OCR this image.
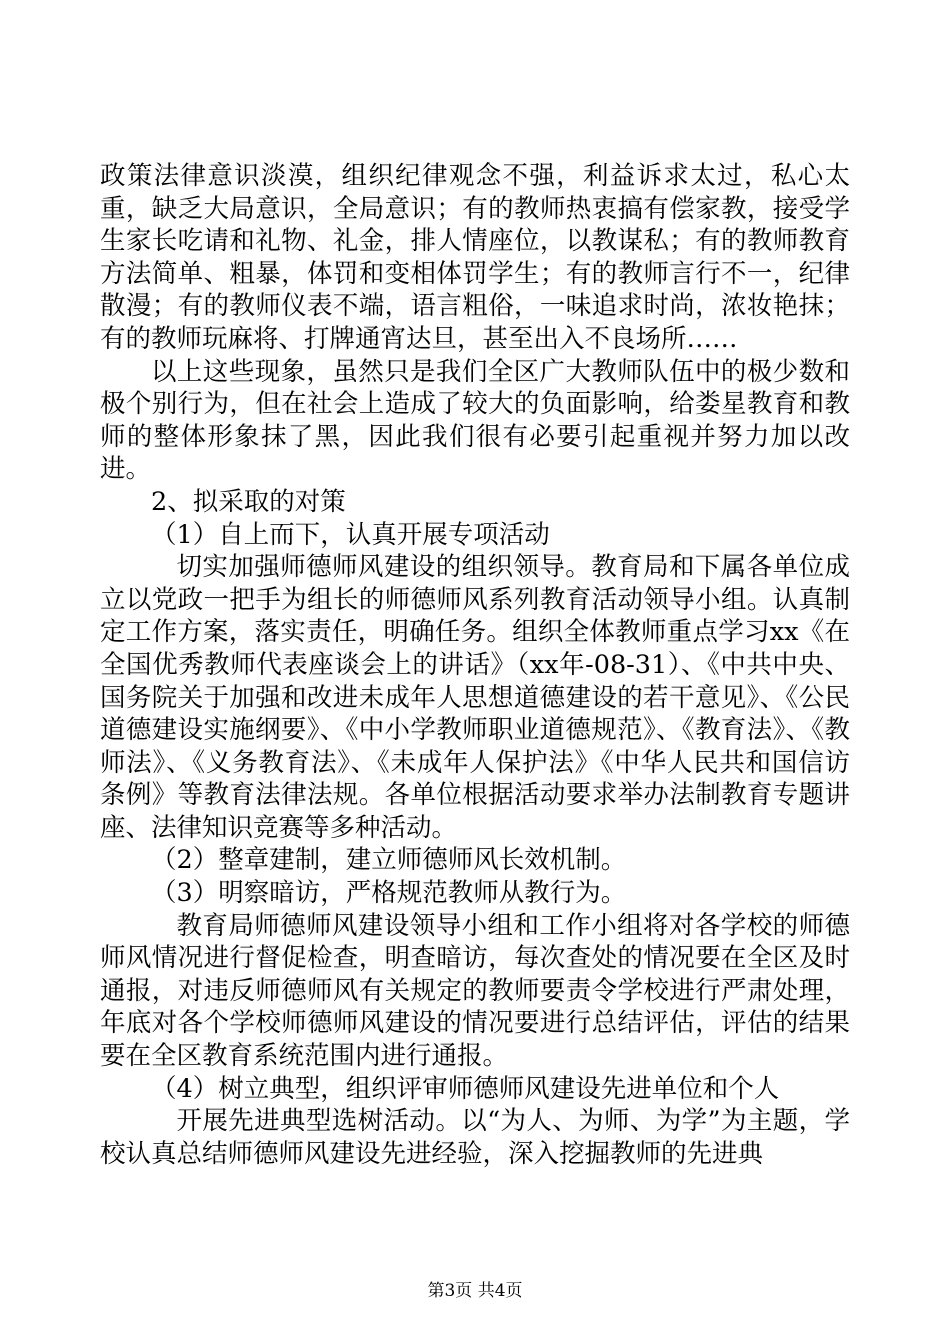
政策法律意识淡漠，组织纪律观念不强，利益诉求太过，私心太重，缺乏大局意识，全局意识；有的教师热衷搞有偿家教，接受学生家长吃请和礼物、礼金，排人情座位，以教谋私；有的教师教育方法简单、粗暴，体罚和变相体罚学生；有的教师言行不一，纪律散漫；有的教师仪表不端，语言粗俗，一味追求时尚，浓妆艳抹；有的教师玩麻将、打牌通宵达旦，甚至出入不良场所……

以上这些现象，虽然只是我们全区广大教师队伍中的极少数和极个别行为，但在社会上造成了较大的负面影响，给娄星教育和教师的整体形象抹了黑，因此我们很有必要引起重视并努力加以改进。

2、拟采取的对策

（1）自上而下，认真开展专项活动

切实加强师德师风建设的组织领导。教育局和下属各单位成立以党政一把手为组长的师德师风系列教育活动领导小组。认真制定工作方案，落实责任，明确任务。组织全体教师重点学习xx《在全国优秀教师代表座谈会上的讲话》（xx年-08-31）、《中共中央、国务院关于加强和改进未成年人思想道德建设的若干意见》、《公民道德建设实施纲要》、《中小学教师职业道德规范》、《教育法》、《教师法》、《义务教育法》、《未成年人保护法》《中华人民共和国信访条例》等教育法律法规。各单位根据活动要求举办法制教育专题讲座、法律知识竞赛等多种活动。

（2）整章建制，建立师德师风长效机制。

（3）明察暗访，严格规范教师从教行为。

教育局师德师风建设领导小组和工作小组将对各学校的师德师风情况进行督促检查，明查暗访，每次查处的情况要在全区及时通报，对违反师德师风有关规定的教师要责令学校进行严肃处理，年底对各个学校师德师风建设的情况要进行总结评估，评估的结果要在全区教育系统范围内进行通报。

（4）树立典型，组织评审师德师风建设先进单位和个人

开展先进典型选树活动。以“为人、为师、为学”为主题，学校认真总结师德师风建设先进经验，深入挖掘教师的先进典

第3页 共4页
